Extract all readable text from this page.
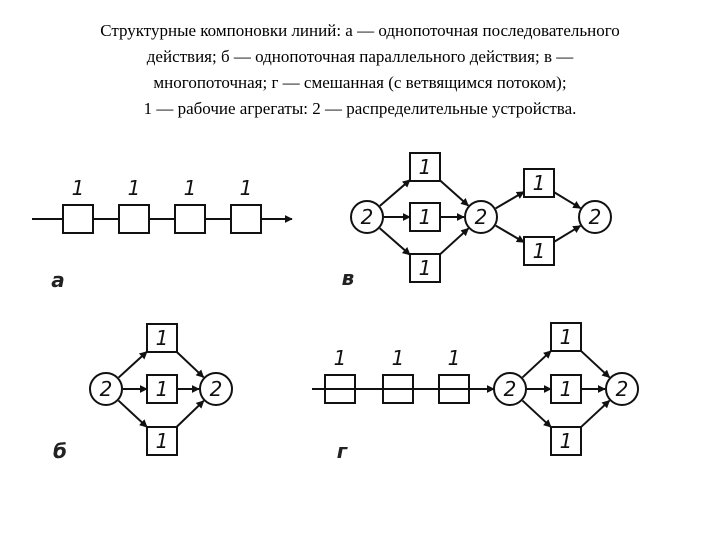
Структурные компоновки линий: а — однопоточная последовательного
действия; б — однопоточная параллельного действия; в —
многопоточная; г — смешанная (с ветвящимся потоком);
1 — рабочие агрегаты: 2 — распределительные устройства.
1 1 1 1
а
2	2
1
1
1
б
2	2	2
1
1
1
1
1
в
1 1 1
2	2
1
1
1
г
